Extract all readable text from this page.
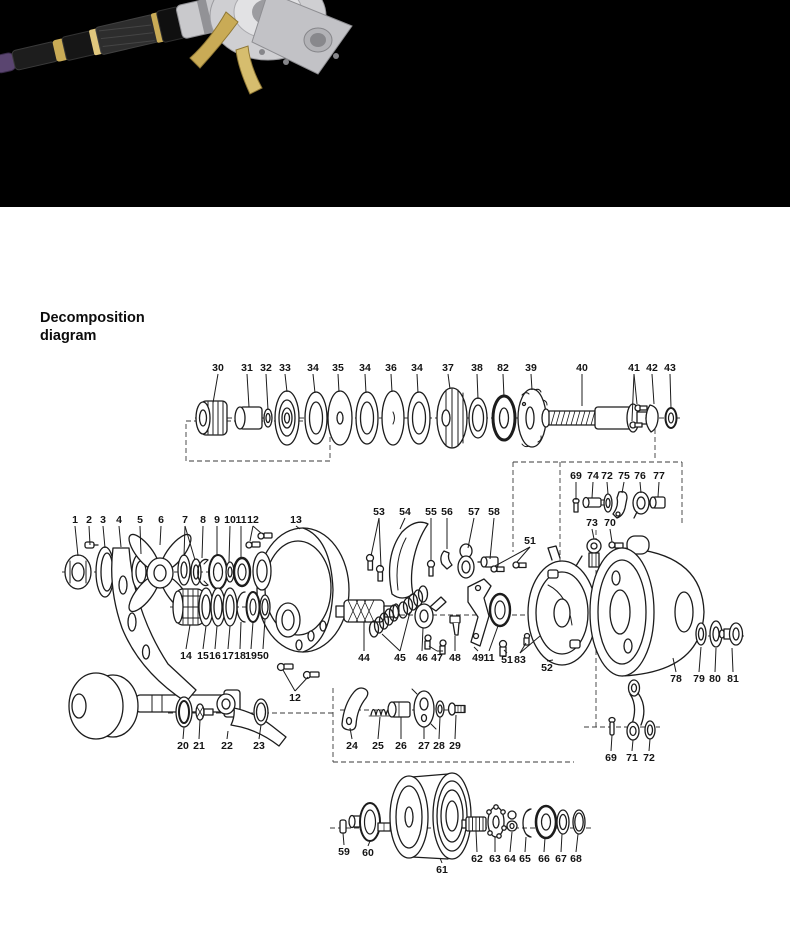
Decomposition diagram
30 31 32 33 34 35 34 36 34 37 38 82 39	40	41 42 43
1 2 3 4 5 6 7 8 9 10 11 12	13
53 54 55 56 57 58
51
69 74 72 75 76 77
73 70
14 15 16 17 18 19 50
12
44 45 46 47 48 49 11 51 83
52
78 79 80 81
20 21 22 23	24 25 26 27 28 29
69 71 72
59 60
61
62 63 64 65 66 67 68
